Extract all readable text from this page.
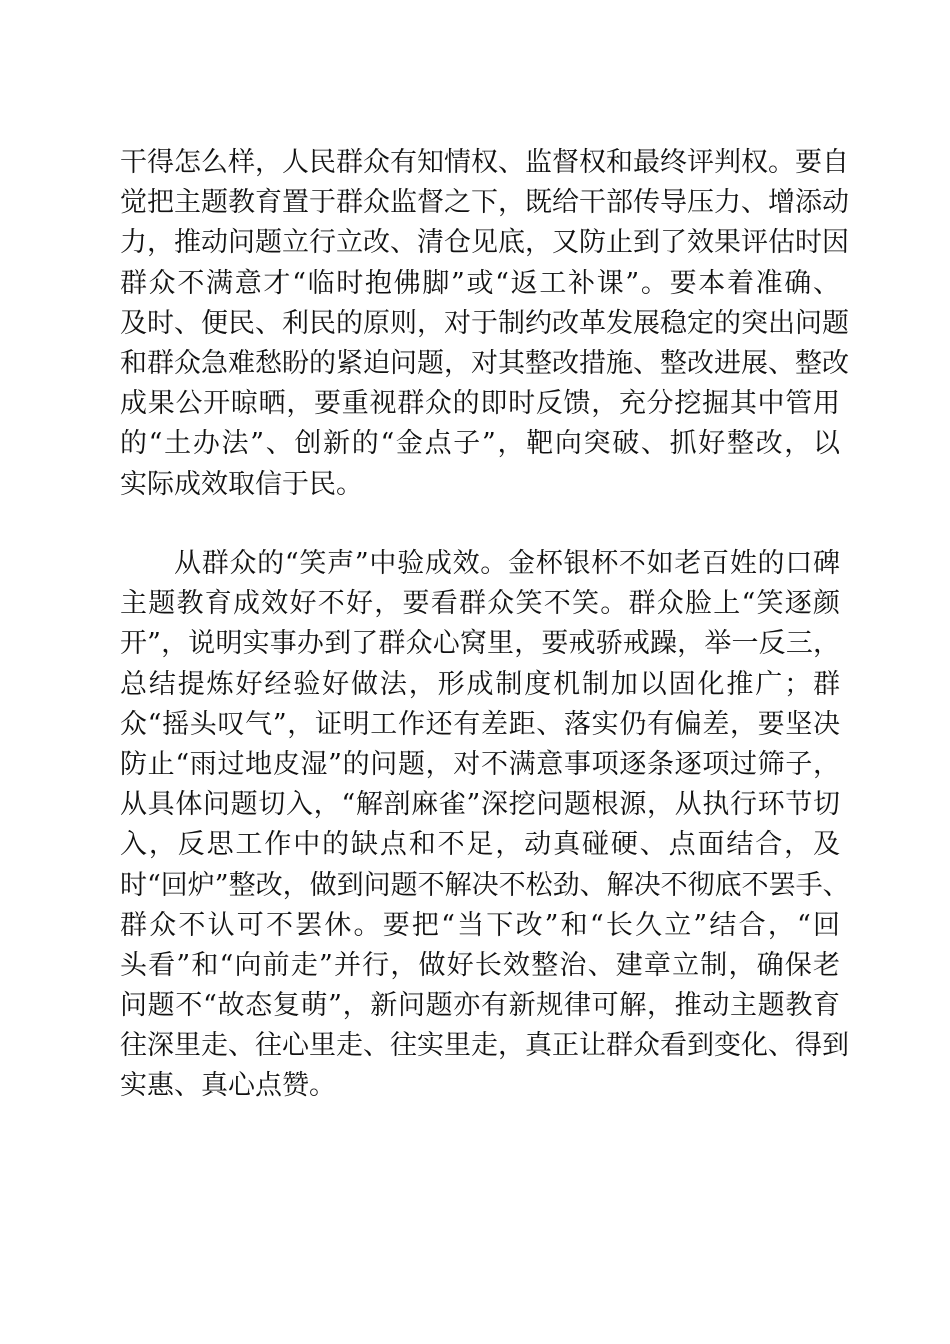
干得怎么样，人民群众有知情权、监督权和最终评判权。要自
觉把主题教育置于群众监督之下，既给干部传导压力、增添动
力，推动问题立行立改、清仓见底，又防止到了效果评估时因
群众不满意才“临时抱佛脚”或“返工补课”。要本着准确、
及时、便民、利民的原则，对于制约改革发展稳定的突出问题
和群众急难愁盼的紧迫问题，对其整改措施、整改进展、整改
成果公开晾晒，要重视群众的即时反馈，充分挖掘其中管用
的“土办法”、创新的“金点子”，靶向突破、抓好整改，以
实际成效取信于民。
从群众的“笑声”中验成效。金杯银杯不如老百姓的口碑
主题教育成效好不好，要看群众笑不笑。群众脸上“笑逐颜
开”，说明实事办到了群众心窝里，要戒骄戒躁，举一反三，
总结提炼好经验好做法，形成制度机制加以固化推广；群
众“摇头叹气”，证明工作还有差距、落实仍有偏差，要坚决
防止“雨过地皮湿”的问题，对不满意事项逐条逐项过筛子，
从具体问题切入，“解剖麻雀”深挖问题根源，从执行环节切
入，反思工作中的缺点和不足，动真碰硬、点面结合，及
时“回炉”整改，做到问题不解决不松劲、解决不彻底不罢手、
群众不认可不罢休。要把“当下改”和“长久立”结合，“回
头看”和“向前走”并行，做好长效整治、建章立制，确保老
问题不“故态复萌”，新问题亦有新规律可解，推动主题教育
往深里走、往心里走、往实里走，真正让群众看到变化、得到
实惠、真心点赞。
